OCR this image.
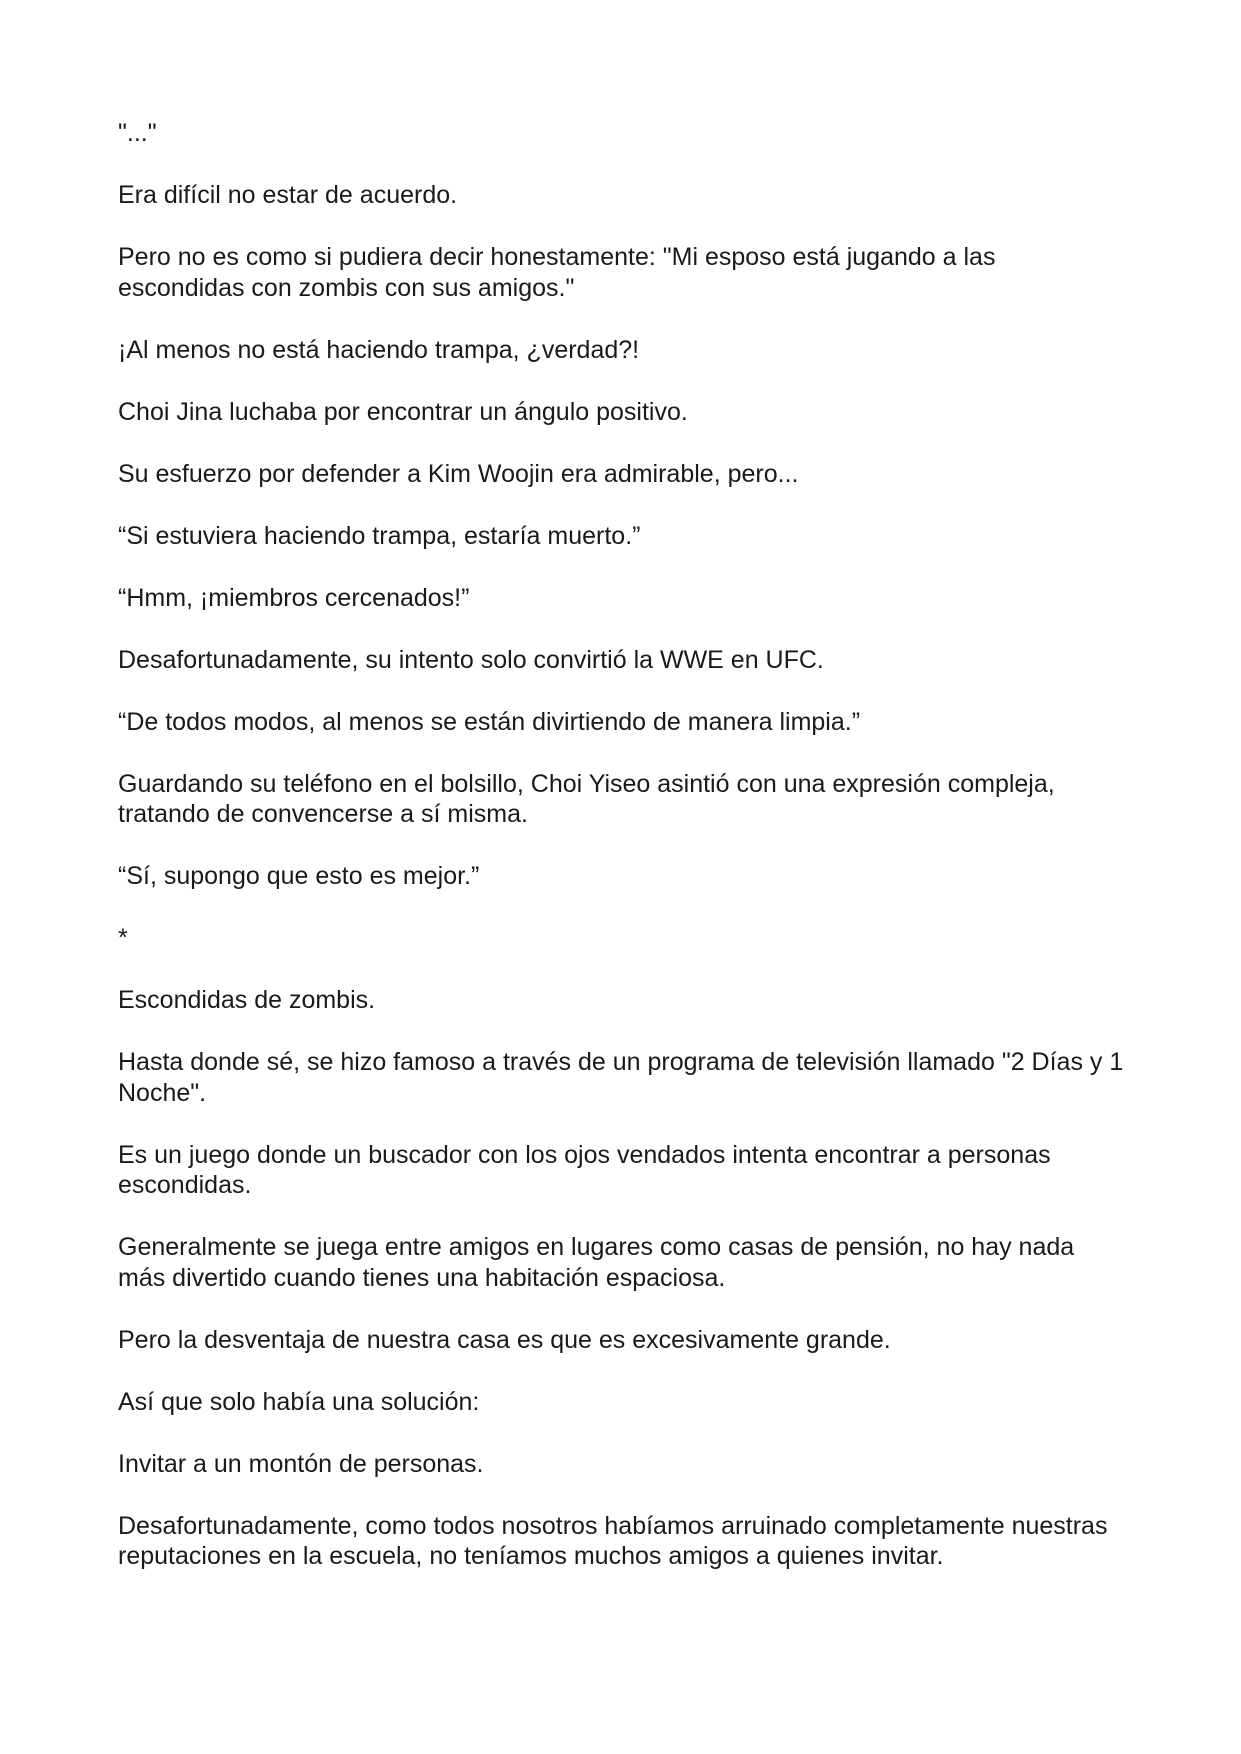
"..."

Era difícil no estar de acuerdo.

Pero no es como si pudiera decir honestamente: "Mi esposo está jugando a las escondidas con zombis con sus amigos."

¡Al menos no está haciendo trampa, ¿verdad?!

Choi Jina luchaba por encontrar un ángulo positivo.

Su esfuerzo por defender a Kim Woojin era admirable, pero...

“Si estuviera haciendo trampa, estaría muerto.”

“Hmm, ¡miembros cercenados!”

Desafortunadamente, su intento solo convirtió la WWE en UFC.

“De todos modos, al menos se están divirtiendo de manera limpia.”

Guardando su teléfono en el bolsillo, Choi Yiseo asintió con una expresión compleja, tratando de convencerse a sí misma.

“Sí, supongo que esto es mejor.”

*

Escondidas de zombis.

Hasta donde sé, se hizo famoso a través de un programa de televisión llamado "2 Días y 1 Noche".

Es un juego donde un buscador con los ojos vendados intenta encontrar a personas escondidas.

Generalmente se juega entre amigos en lugares como casas de pensión, no hay nada más divertido cuando tienes una habitación espaciosa.

Pero la desventaja de nuestra casa es que es excesivamente grande.

Así que solo había una solución:

Invitar a un montón de personas.

Desafortunadamente, como todos nosotros habíamos arruinado completamente nuestras reputaciones en la escuela, no teníamos muchos amigos a quienes invitar.
